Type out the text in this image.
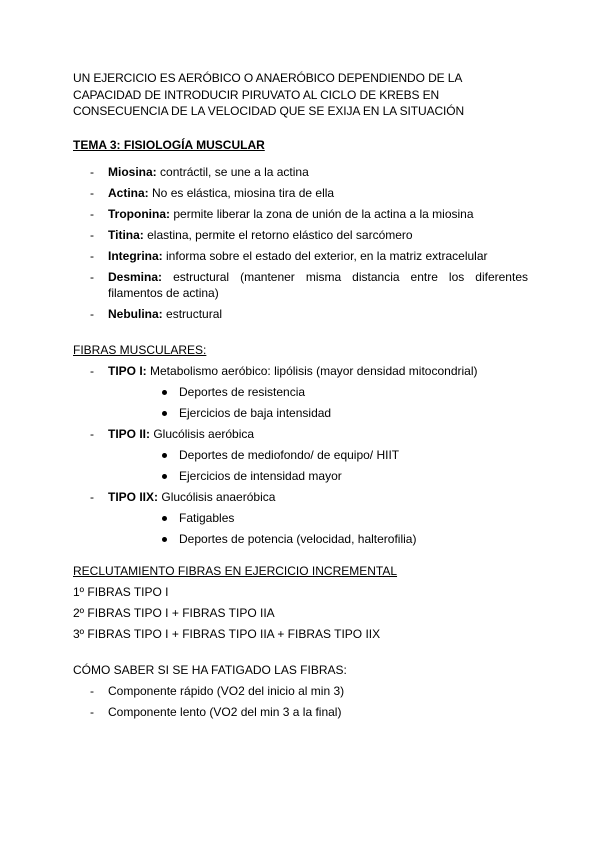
UN EJERCICIO ES AERÓBICO O ANAERÓBICO DEPENDIENDO DE LA CAPACIDAD DE INTRODUCIR PIRUVATO AL CICLO DE KREBS EN CONSECUENCIA DE LA VELOCIDAD QUE SE EXIJA EN LA SITUACIÓN

TEMA 3: FISIOLOGÍA MUSCULAR

- Miosina: contráctil, se une a la actina
- Actina: No es elástica, miosina tira de ella
- Troponina: permite liberar la zona de unión de la actina a la miosina
- Titina: elastina, permite el retorno elástico del sarcómero
- Integrina: informa sobre el estado del exterior, en la matriz extracelular
- Desmina: estructural (mantener misma distancia entre los diferentes
filamentos de actina)
- Nebulina: estructural

FIBRAS MUSCULARES:

- TIPO I: Metabolismo aeróbico: lipólisis (mayor densidad mitocondrial)
Deportes de resistencia
Ejercicios de baja intensidad
- TIPO II: Glucólisis aeróbica
Deportes de mediofondo/ de equipo/ HIIT
Ejercicios de intensidad mayor
- TIPO IIX: Glucólisis anaeróbica
Fatigables
Deportes de potencia (velocidad, halterofilia)

RECLUTAMIENTO FIBRAS EN EJERCICIO INCREMENTAL

1º FIBRAS TIPO I

2º FIBRAS TIPO I + FIBRAS TIPO IIA

3º FIBRAS TIPO I + FIBRAS TIPO IIA + FIBRAS TIPO IIX

CÓMO SABER SI SE HA FATIGADO LAS FIBRAS:

- Componente rápido (VO2 del inicio al min 3)
- Componente lento (VO2 del min 3 a la final)
